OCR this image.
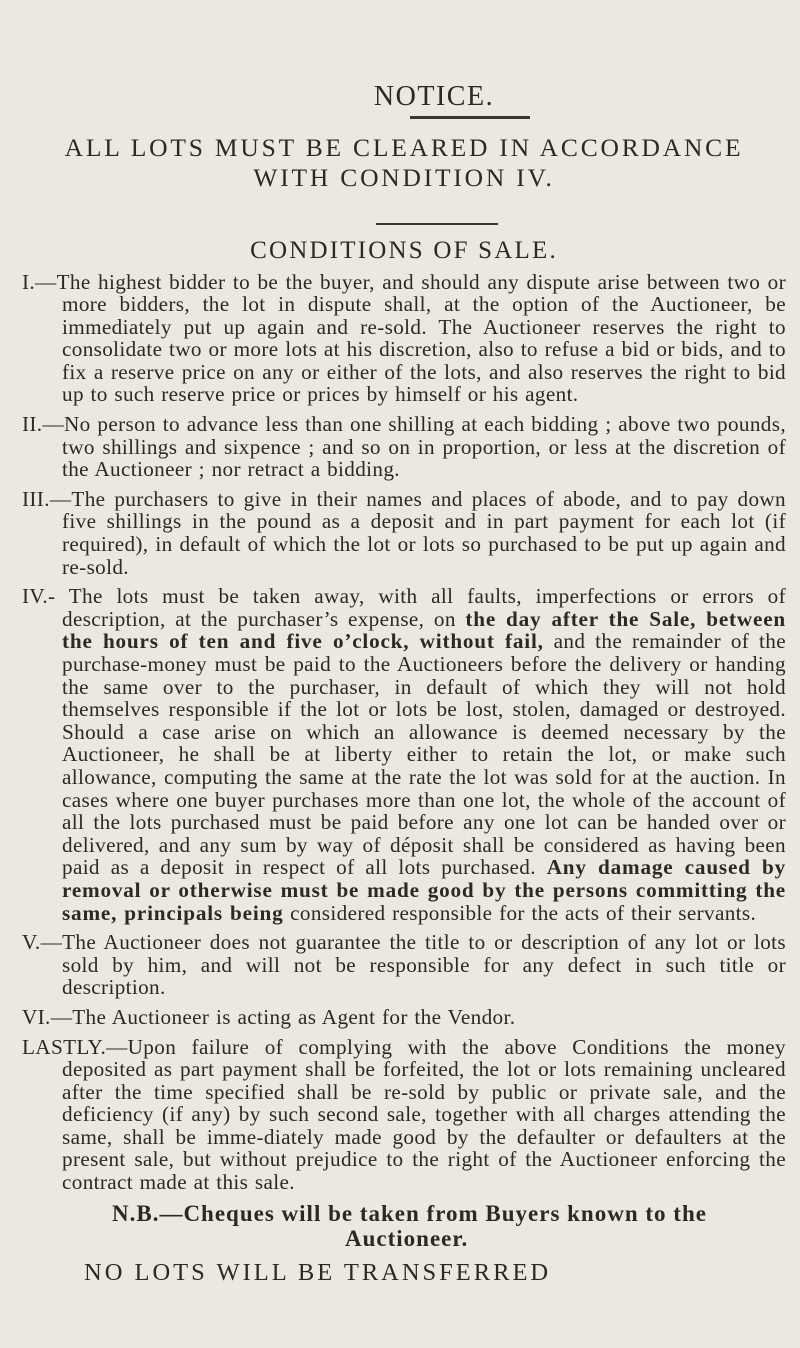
NOTICE.

ALL LOTS MUST BE CLEARED IN ACCORDANCE WITH CONDITION IV.

CONDITIONS OF SALE.

I.—The highest bidder to be the buyer, and should any dispute arise between two or more bidders, the lot in dispute shall, at the option of the Auctioneer, be immediately put up again and re-sold. The Auctioneer reserves the right to consolidate two or more lots at his discretion, also to refuse a bid or bids, and to fix a reserve price on any or either of the lots, and also reserves the right to bid up to such reserve price or prices by himself or his agent.

II.—No person to advance less than one shilling at each bidding ; above two pounds, two shillings and sixpence ; and so on in proportion, or less at the discretion of the Auctioneer ; nor retract a bidding.

III.—The purchasers to give in their names and places of abode, and to pay down five shillings in the pound as a deposit and in part payment for each lot (if required), in default of which the lot or lots so purchased to be put up again and re-sold.

IV.- The lots must be taken away, with all faults, imperfections or errors of description, at the purchaser’s expense, on the day after the Sale, between the hours of ten and five o’clock, without fail, and the remainder of the purchase-money must be paid to the Auctioneers before the delivery or handing the same over to the purchaser, in default of which they will not hold themselves responsible if the lot or lots be lost, stolen, damaged or destroyed. Should a case arise on which an allowance is deemed necessary by the Auctioneer, he shall be at liberty either to retain the lot, or make such allowance, computing the same at the rate the lot was sold for at the auction. In cases where one buyer purchases more than one lot, the whole of the account of all the lots purchased must be paid before any one lot can be handed over or delivered, and any sum by way of déposit shall be considered as having been paid as a deposit in respect of all lots purchased. Any damage caused by removal or otherwise must be made good by the persons committing the same, principals being considered responsible for the acts of their servants.

V.—The Auctioneer does not guarantee the title to or description of any lot or lots sold by him, and will not be responsible for any defect in such title or description.

VI.—The Auctioneer is acting as Agent for the Vendor.

LASTLY.—Upon failure of complying with the above Conditions the money deposited as part payment shall be forfeited, the lot or lots remaining uncleared after the time specified shall be re-sold by public or private sale, and the deficiency (if any) by such second sale, together with all charges attending the same, shall be imme-diately made good by the defaulter or defaulters at the present sale, but without prejudice to the right of the Auctioneer enforcing the contract made at this sale.

N.B.—Cheques will be taken from Buyers known to the
Auctioneer.
NO LOTS WILL BE TRANSFERRED
